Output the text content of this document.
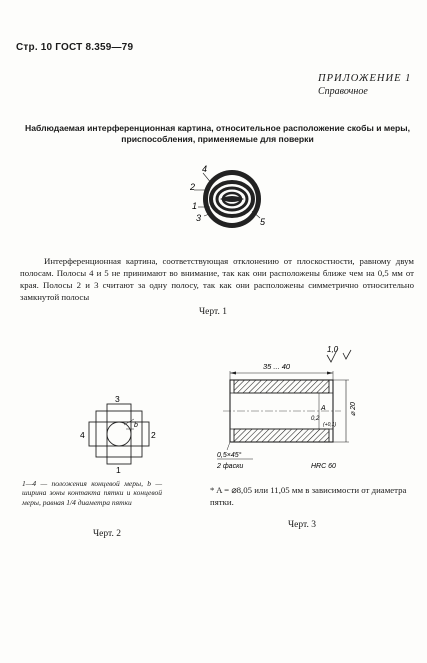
Стр. 10 ГОСТ 8.359—79
ПРИЛОЖЕНИЕ 1
Справочное
Наблюдаемая интерференционная картина, относительное расположение скобы и меры, приспособления, применяемые для поверки
4
2
1
3	5
Интерференционная картина, соответствующая отклонению от плоскостности, равному двум полосам. Полосы 4 и 5 не принимают во внимание, так как они расположены ближе чем на 0,5 мм от края. Полосы 2 и 3 считают за одну полосу, так как они расположены симметрично относительно замкнутой полосы
Черт. 1
3
4	2
1
b
1—4 — положения концевой меры, b — ширина зоны контакта пятки и концевой меры, равная 1/4 диаметра пятки
Черт. 2
1,0
35 ... 40
A
(+0,1)
0,2
⌀ 20
0,5×45°
2 фаски	HRC 60
* A = ⌀8,05 или 11,05 мм в зависимости от диаметра пятки.
Черт. 3
